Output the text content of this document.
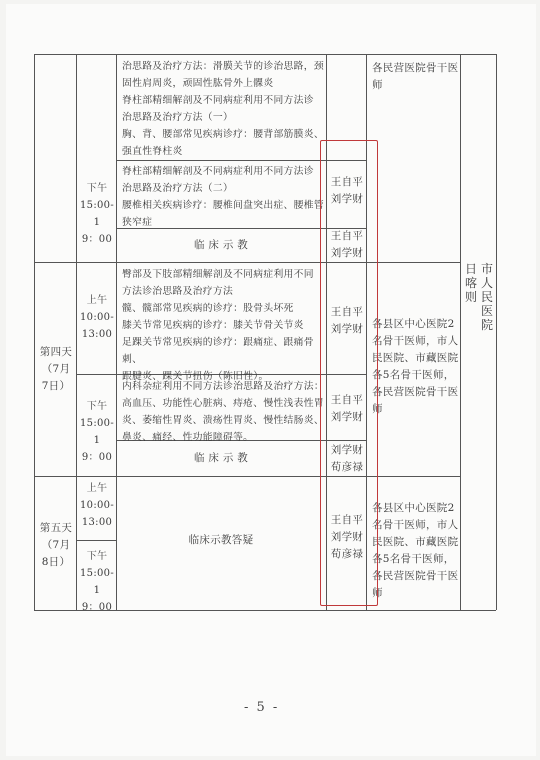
治思路及治疗方法：滑膜关节的诊治思路，颈
固性肩周炎，顽固性肱骨外上髁炎
脊柱部精细解剖及不同病症利用不同方法诊
治思路及治疗方法（一）
胸、背、腰部常见疾病诊疗：腰背部筋膜炎、
强直性脊柱炎
各民营医院骨干医
师
下午
15:00-1
9：00
脊柱部精细解剖及不同病症利用不同方法诊
治思路及治疗方法（二）
腰椎相关疾病诊疗：腰椎间盘突出症、腰椎管
狭窄症
王自平
刘学财
临 床 示 教
王自平
刘学财
第四天
（7月
7日）
上午
10:00-
13:00
臀部及下肢部精细解剖及不同病症利用不同
方法诊治思路及治疗方法
髋、髋部常见疾病的诊疗：股骨头坏死
膝关节常见疾病的诊疗：膝关节骨关节炎
足踝关节常见疾病的诊疗：跟痛症、跟痛骨刺、
跟腱炎、踝关节扭伤（陈旧性）。
王自平
刘学财 各县区中心医院2
名骨干医师，市人
民医院、市藏医院
各5名骨干医师，
各民营医院骨干医
师
下午
15:00-1
9：00
内科杂症利用不同方法诊治思路及治疗方法：
高血压、功能性心脏病、痔疮、慢性浅表性胃
炎、萎缩性胃炎、溃疡性胃炎、慢性结肠炎、
鼻炎、痛经、性功能障碍等。
王自平
刘学财
临 床 示 教
刘学财
荀彦禄
第五天
（7月
8日）
上午
10:00-
13:00
下午
15:00-1
9：00
临床示教答疑
王自平
刘学财
荀彦禄
各县区中心医院2
名骨干医师，市人
民医院、市藏医院
各5名骨干医师，
各民营医院骨干医
师
日
喀
则
市
人
民
医
院
- 5 -
